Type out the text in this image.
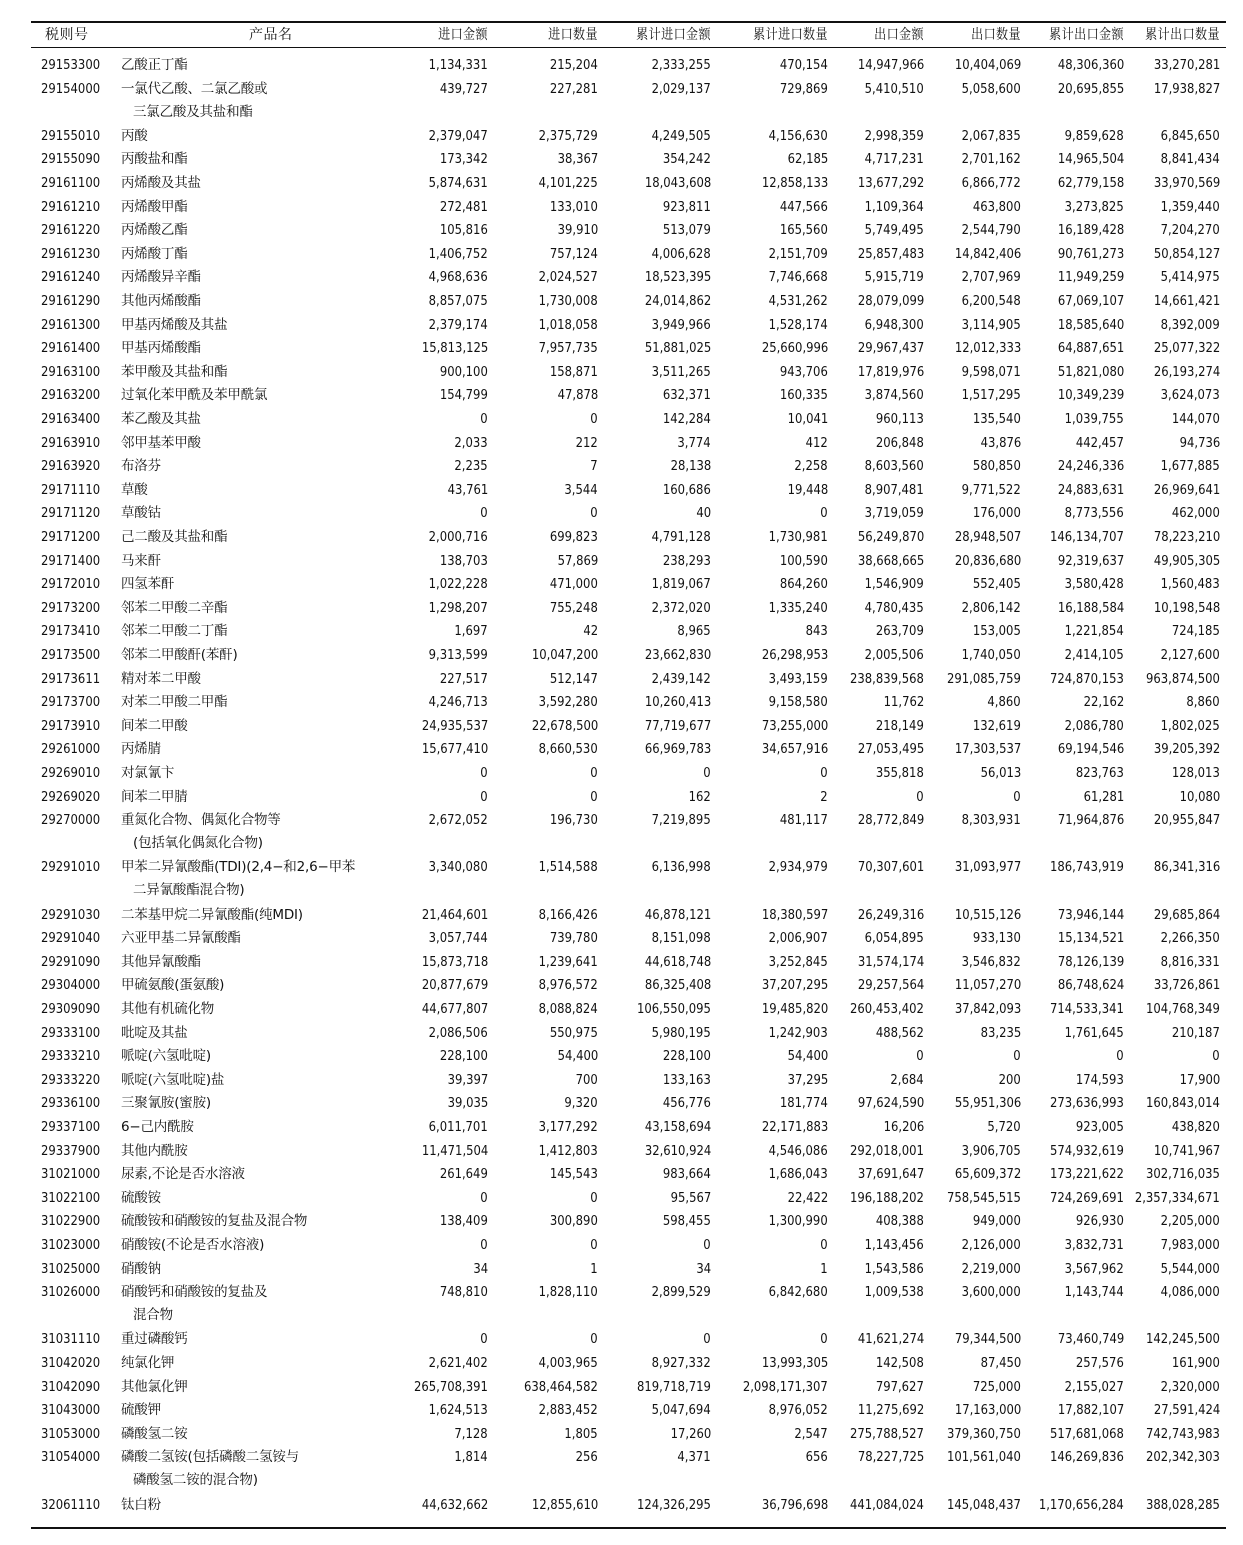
税则号	产品名	进口金额	进口数量	累计进口金额	累计进口数量	出口金额	出口数量 累计出口金额 累计出口数量
29153300 乙酸正丁酯	1,134,331	215,204	2,333,255	470,154 14,947,966 10,404,069	48,306,360 33,270,281
29154000 一氯代乙酸、二氯乙酸或
三氯乙酸及其盐和酯
439,727	227,281	2,029,137	729,869	5,410,510	5,058,600	20,695,855 17,938,827
29155010 丙酸	2,379,047	2,375,729	4,249,505	4,156,630	2,998,359	2,067,835	9,859,628	6,845,650
29155090 丙酸盐和酯	173,342	38,367	354,242	62,185	4,717,231	2,701,162	14,965,504	8,841,434
29161100 丙烯酸及其盐	5,874,631	4,101,225	18,043,608	12,858,133 13,677,292	6,866,772	62,779,158 33,970,569
29161210 丙烯酸甲酯	272,481	133,010	923,811	447,566	1,109,364	463,800	3,273,825	1,359,440
29161220 丙烯酸乙酯	105,816	39,910	513,079	165,560	5,749,495	2,544,790	16,189,428	7,204,270
29161230 丙烯酸丁酯	1,406,752	757,124	4,006,628	2,151,709 25,857,483 14,842,406	90,761,273 50,854,127
29161240 丙烯酸异辛酯	4,968,636	2,024,527	18,523,395	7,746,668	5,915,719	2,707,969	11,949,259	5,414,975
29161290 其他丙烯酸酯	8,857,075	1,730,008	24,014,862	4,531,262 28,079,099	6,200,548	67,069,107 14,661,421
29161300 甲基丙烯酸及其盐	2,379,174	1,018,058	3,949,966	1,528,174	6,948,300	3,114,905	18,585,640	8,392,009
29161400 甲基丙烯酸酯	15,813,125	7,957,735	51,881,025	25,660,996 29,967,437 12,012,333	64,887,651 25,077,322
29163100 苯甲酸及其盐和酯	900,100	158,871	3,511,265	943,706 17,819,976	9,598,071	51,821,080 26,193,274
29163200 过氧化苯甲酰及苯甲酰氯	154,799	47,878	632,371	160,335	3,874,560	1,517,295	10,349,239	3,624,073
29163400 苯乙酸及其盐	0	0	142,284	10,041	960,113	135,540	1,039,755	144,070
29163910 邻甲基苯甲酸	2,033	212	3,774	412	206,848	43,876	442,457	94,736
29163920 布洛芬	2,235	7	28,138	2,258	8,603,560	580,850	24,246,336	1,677,885
29171110 草酸	43,761	3,544	160,686	19,448	8,907,481	9,771,522	24,883,631 26,969,641
29171120 草酸钴	0	0	40	0	3,719,059	176,000	8,773,556	462,000
29171200 己二酸及其盐和酯	2,000,716	699,823	4,791,128	1,730,981 56,249,870 28,948,507 146,134,707 78,223,210
29171400 马来酐	138,703	57,869	238,293	100,590 38,668,665 20,836,680	92,319,637 49,905,305
29172010 四氢苯酐	1,022,228	471,000	1,819,067	864,260	1,546,909	552,405	3,580,428	1,560,483
29173200 邻苯二甲酸二辛酯	1,298,207	755,248	2,372,020	1,335,240	4,780,435	2,806,142	16,188,584 10,198,548
29173410 邻苯二甲酸二丁酯	1,697	42	8,965	843	263,709	153,005	1,221,854	724,185
29173500 邻苯二甲酸酐(苯酐)	9,313,599	10,047,200	23,662,830	26,298,953	2,005,506	1,740,050	2,414,105	2,127,600
29173611 精对苯二甲酸	227,517	512,147	2,439,142	3,493,159 238,839,568 291,085,759 724,870,153 963,874,500
29173700 对苯二甲酸二甲酯	4,246,713	3,592,280	10,260,413	9,158,580	11,762	4,860	22,162	8,860
29173910 间苯二甲酸	24,935,537	22,678,500	77,719,677	73,255,000	218,149	132,619	2,086,780	1,802,025
29261000 丙烯腈	15,677,410	8,660,530	66,969,783	34,657,916 27,053,495 17,303,537	69,194,546 39,205,392
29269010 对氯氰卞	0	0	0	0	355,818	56,013	823,763	128,013
29269020 间苯二甲腈	0	0	162	2	0	0	61,281	10,080
29270000 重氮化合物、偶氮化合物等
(包括氧化偶氮化合物)
2,672,052	196,730	7,219,895	481,117 28,772,849	8,303,931	71,964,876 20,955,847
29291010 甲苯二异氰酸酯(TDI)(2,4−和2,6−甲苯
二异氰酸酯混合物)
3,340,080	1,514,588	6,136,998	2,934,979 70,307,601 31,093,977 186,743,919 86,341,316
29291030 二苯基甲烷二异氰酸酯(纯MDI)	21,464,601	8,166,426	46,878,121	18,380,597 26,249,316 10,515,126	73,946,144 29,685,864
29291040 六亚甲基二异氰酸酯	3,057,744	739,780	8,151,098	2,006,907	6,054,895	933,130	15,134,521	2,266,350
29291090 其他异氰酸酯	15,873,718	1,239,641	44,618,748	3,252,845 31,574,174	3,546,832	78,126,139	8,816,331
29304000 甲硫氨酸(蛋氨酸)	20,877,679	8,976,572	86,325,408	37,207,295 29,257,564 11,057,270	86,748,624 33,726,861
29309090 其他有机硫化物	44,677,807	8,088,824	106,550,095	19,485,820 260,453,402 37,842,093 714,533,341 104,768,349
29333100 吡啶及其盐	2,086,506	550,975	5,980,195	1,242,903	488,562	83,235	1,761,645	210,187
29333210 哌啶(六氢吡啶)	228,100	54,400	228,100	54,400	0	0	0	0
29333220 哌啶(六氢吡啶)盐	39,397	700	133,163	37,295	2,684	200	174,593	17,900
29336100 三聚氰胺(蜜胺)	39,035	9,320	456,776	181,774 97,624,590 55,951,306 273,636,993 160,843,014
29337100 6−己内酰胺	6,011,701	3,177,292	43,158,694	22,171,883	16,206	5,720	923,005	438,820
29337900 其他内酰胺	11,471,504	1,412,803	32,610,924	4,546,086 292,018,001	3,906,705 574,932,619 10,741,967
31021000 尿素,不论是否水溶液	261,649	145,543	983,664	1,686,043 37,691,647 65,609,372 173,221,622 302,716,035
31022100 硫酸铵	0	0	95,567	22,422 196,188,202 758,545,515 724,269,691 2,357,334,671
31022900 硫酸铵和硝酸铵的复盐及混合物	138,409	300,890	598,455	1,300,990	408,388	949,000	926,930	2,205,000
31023000 硝酸铵(不论是否水溶液)	0	0	0	0	1,143,456	2,126,000	3,832,731	7,983,000
31025000 硝酸钠	34	1	34	1	1,543,586	2,219,000	3,567,962	5,544,000
31026000 硝酸钙和硝酸铵的复盐及
混合物
748,810	1,828,110	2,899,529	6,842,680	1,009,538	3,600,000	1,143,744	4,086,000
31031110 重过磷酸钙	0	0	0	0 41,621,274 79,344,500	73,460,749 142,245,500
31042020 纯氯化钾	2,621,402	4,003,965	8,927,332	13,993,305	142,508	87,450	257,576	161,900
31042090 其他氯化钾	265,708,391	638,464,582	819,718,719 2,098,171,307	797,627	725,000	2,155,027	2,320,000
31043000 硫酸钾	1,624,513	2,883,452	5,047,694	8,976,052 11,275,692 17,163,000	17,882,107 27,591,424
31053000 磷酸氢二铵	7,128	1,805	17,260	2,547 275,788,527 379,360,750 517,681,068 742,743,983
31054000 磷酸二氢铵(包括磷酸二氢铵与
磷酸氢二铵的混合物)
1,814	256	4,371	656 78,227,725 101,561,040 146,269,836 202,342,303
32061110 钛白粉	44,632,662	12,855,610	124,326,295	36,796,698 441,084,024 145,048,437 1,170,656,284 388,028,285
